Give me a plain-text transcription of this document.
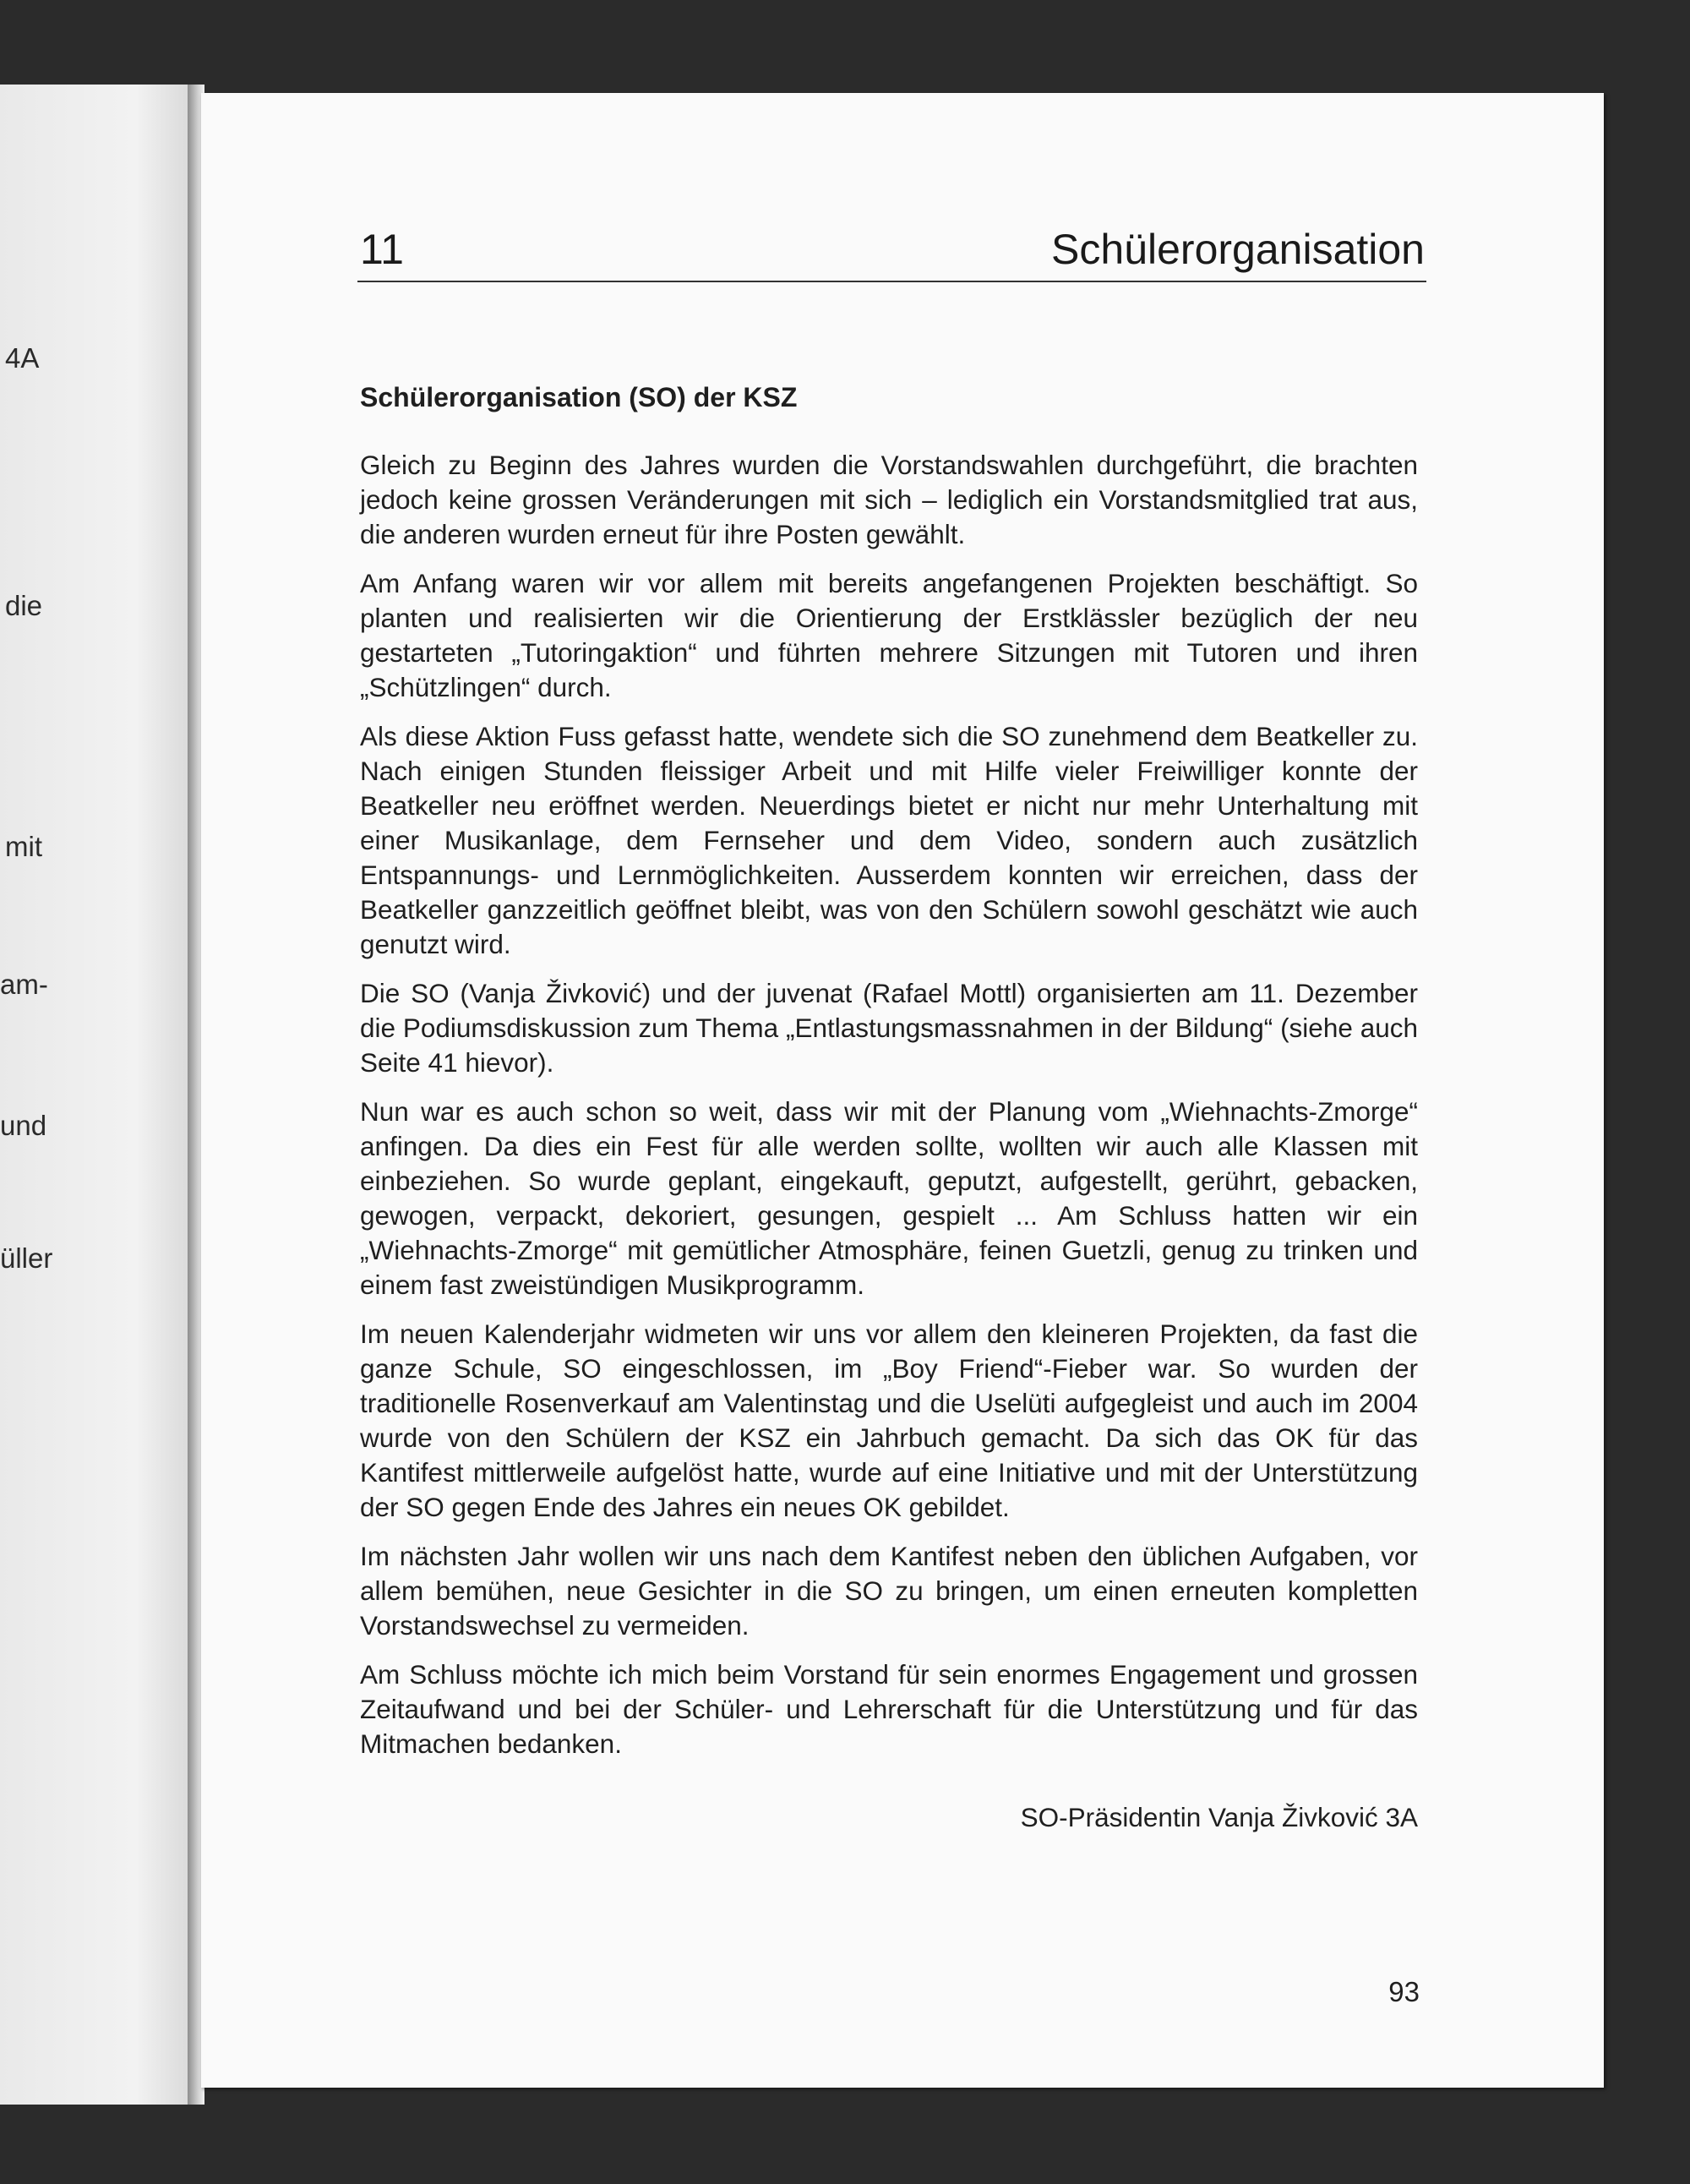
4A
die
mit
am-
und
üller
11	Schülerorganisation
Schülerorganisation (SO) der KSZ

Gleich zu Beginn des Jahres wurden die Vorstandswahlen durchgeführt, die brachten jedoch keine grossen Veränderungen mit sich – lediglich ein Vorstandsmitglied trat aus, die anderen wurden erneut für ihre Posten gewählt.

Am Anfang waren wir vor allem mit bereits angefangenen Projekten beschäftigt. So planten und realisierten wir die Orientierung der Erstklässler bezüglich der neu gestarteten „Tutoringaktion“ und führten mehrere Sitzungen mit Tutoren und ihren „Schützlingen“ durch.

Als diese Aktion Fuss gefasst hatte, wendete sich die SO zunehmend dem Beatkeller zu. Nach einigen Stunden fleissiger Arbeit und mit Hilfe vieler Freiwilliger konnte der Beatkeller neu eröffnet werden. Neuerdings bietet er nicht nur mehr Unterhaltung mit einer Musikanlage, dem Fernseher und dem Video, sondern auch zusätzlich Entspannungs- und Lernmöglichkeiten. Ausserdem konnten wir erreichen, dass der Beatkeller ganzzeitlich geöffnet bleibt, was von den Schülern sowohl geschätzt wie auch genutzt wird.

Die SO (Vanja Živković) und der juvenat (Rafael Mottl) organisierten am 11. Dezember die Podiumsdiskussion zum Thema „Entlastungsmassnahmen in der Bildung“ (siehe auch Seite 41 hievor).

Nun war es auch schon so weit, dass wir mit der Planung vom „Wiehnachts-Zmorge“ anfingen. Da dies ein Fest für alle werden sollte, wollten wir auch alle Klassen mit einbeziehen. So wurde geplant, eingekauft, geputzt, aufgestellt, gerührt, gebacken, gewogen, verpackt, dekoriert, gesungen, gespielt ... Am Schluss hatten wir ein „Wiehnachts-Zmorge“ mit gemütlicher Atmosphäre, feinen Guetzli, genug zu trinken und einem fast zweistündigen Musikprogramm.

Im neuen Kalenderjahr widmeten wir uns vor allem den kleineren Projekten, da fast die ganze Schule, SO eingeschlossen, im „Boy Friend“-Fieber war. So wurden der traditionelle Rosenverkauf am Valentinstag und die Uselüti aufgegleist und auch im 2004 wurde von den Schülern der KSZ ein Jahrbuch gemacht. Da sich das OK für das Kantifest mittlerweile aufgelöst hatte, wurde auf eine Initiative und mit der Unterstützung der SO gegen Ende des Jahres ein neues OK gebildet.

Im nächsten Jahr wollen wir uns nach dem Kantifest neben den üblichen Aufgaben, vor allem bemühen, neue Gesichter in die SO zu bringen, um einen erneuten kompletten Vorstandswechsel zu vermeiden.

Am Schluss möchte ich mich beim Vorstand für sein enormes Engagement und grossen Zeitaufwand und bei der Schüler- und Lehrerschaft für die Unterstützung und für das Mitmachen bedanken.

SO-Präsidentin Vanja Živković 3A
93
